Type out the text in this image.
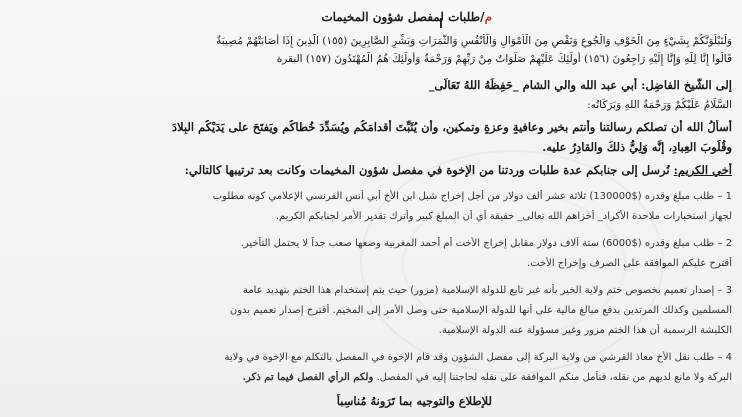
م/طلبات لمفصل شؤون المخيمات
وَلَنَبْلُوَنَّكُمْ بِشَيْءٍ مِنَ الْخَوْفِ وَالْجُوعِ وَنَقْصٍ مِنَ الْأَمْوَالِ وَالْأَنْفُسِ وَالثَّمَرَاتِ وَبَشِّرِ الصَّابِرِينَ (١٥٥) الَّذِينَ إِذَا أَصَابَتْهُمْ مُصِيبَةٌ
قَالُوا إِنَّا لِلَّهِ وَإِنَّا إِلَيْهِ رَاجِعُونَ (١٥٦) أُولَئِكَ عَلَيْهِمْ صَلَوَاتٌ مِنْ رَبِّهِمْ وَرَحْمَةٌ وَأُولَئِكَ هُمُ الْمُهْتَدُونَ (١٥٧) البقرة
إلى الشَّيخ الفاضِل: أبي عبد الله والي الشام _حَفِظَهُ اللهُ تَعَالَى_
السَّلَامُ عَلَيْكُمْ وَرَحْمَةُ اللهِ وَبَرَكَاتُه:
أسألُ الله أن تصلكم رسالتنا وأنتم بخيرٍ وعافيةٍ وعزةٍ وتمكينٍ، وأن يُثَبِّتَ أقدامَكُم ويُسَدِّدَ خُطاكُم ويَفتَحَ على يَدَيْكُم البِلادَ
وقُلُوبَ العِبادِ، إنَّه وَلِيُّ ذلكَ والقادِرُ عليه.
أخي الكريم: نُرسل إلى جنابكم عدة طلبات وردتنا من الإخوة في مفصل شؤون المخيمات وكانت بعد ترتيبها كالتالي:
1 – طلب مبلغ وقدره ($130000) ثلاثة عشر ألف دولار من أجل إخراج شبل ابن الأخ أبي أنس الفرنسي الإعلامي كونه مطلوب
لجهاز استخبارات ملاحدة الأكراد_ أخزاهم الله تعالى_ حقيقة أي أن المبلغ كبير وأترك تقدير الأمر لجنابكم الكريم.
2 – طلب مبلغ وقدره ($6000) ستة آلاف دولار مقابل إخراج الأخت أم أحمد المغربية وضعها صعب جداً لا يحتمل التأخير.
أقترح عليكم الموافقة على الصرف وإخراج الأخت.
3 – إصدار تعميم بخصوص ختم ولاية الخير بأنه غير تابع للدولة الإسلامية (مزور) حيث يتم إستخدام هذا الختم بتهديد عامة
المسلمين وكذلك المرتدين بدفع مبالغ مالية على أنها للدولة الإسلامية حتى وصل الأمر إلى المخيم. أقترح إصدار تعميم بدون
الكليشة الرسمية أن هذا الختم مزور وغير مسؤولة عنه الدولة الإسلامية.
4 – طلب نقل الأخ معاذ القرشي من ولاية البركة إلى مفصل الشؤون وقد قام الإخوة في المفصل بالتكلم مع الإخوة في ولاية
البركة ولا مانع لديهم من نقله، فنأمل منكم الموافقة على نقله لحاجتنا إليه في المفصل. ولكم الرأي الفصل فيما تم ذكر.
للإطلاع والتوجيه بما تَرَونهُ مُناسِباً
